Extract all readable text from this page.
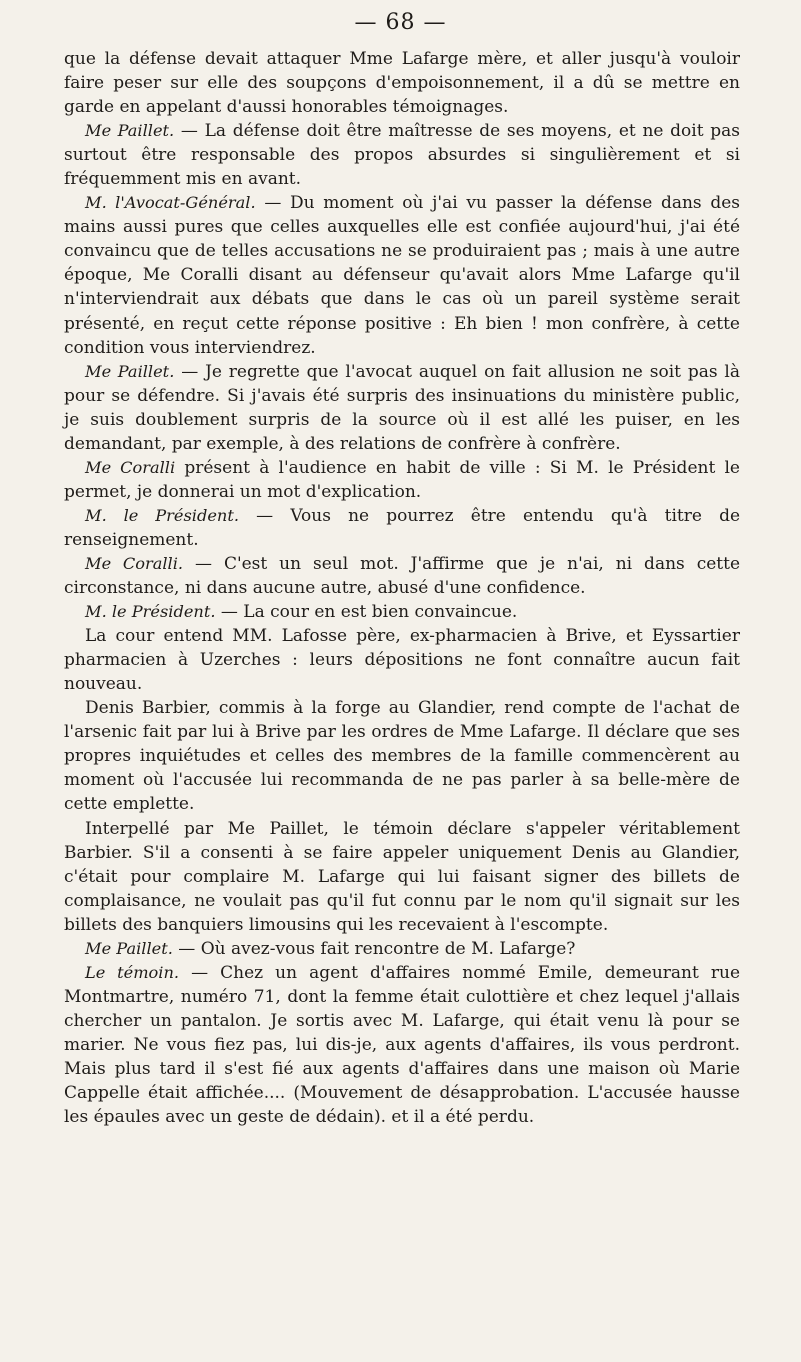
— 68 —

que la défense devait attaquer Mme Lafarge mère, et aller jusqu'à vouloir faire peser sur elle des soupçons d'empoisonnement, il a dû se mettre en garde en appelant d'aussi honorables témoignages.

Me Paillet. — La défense doit être maîtresse de ses moyens, et ne doit pas surtout être responsable des propos absurdes si singulièrement et si fréquemment mis en avant.

M. l'Avocat-Général. — Du moment où j'ai vu passer la défense dans des mains aussi pures que celles auxquelles elle est confiée aujourd'hui, j'ai été convaincu que de telles accusations ne se produiraient pas ; mais à une autre époque, Me Coralli disant au défenseur qu'avait alors Mme Lafarge qu'il n'interviendrait aux débats que dans le cas où un pareil système serait présenté, en reçut cette réponse positive : Eh bien ! mon confrère, à cette condition vous interviendrez.

Me Paillet. — Je regrette que l'avocat auquel on fait allusion ne soit pas là pour se défendre. Si j'avais été surpris des insinuations du ministère public, je suis doublement surpris de la source où il est allé les puiser, en les demandant, par exemple, à des relations de confrère à confrère.

Me Coralli présent à l'audience en habit de ville : Si M. le Président le permet, je donnerai un mot d'explication.

M. le Président. — Vous ne pourrez être entendu qu'à titre de renseignement.

Me Coralli. — C'est un seul mot. J'affirme que je n'ai, ni dans cette circonstance, ni dans aucune autre, abusé d'une confidence.

M. le Président. — La cour en est bien convaincue.

La cour entend MM. Lafosse père, ex-pharmacien à Brive, et Eyssartier pharmacien à Uzerches : leurs dépositions ne font connaître aucun fait nouveau.

Denis Barbier, commis à la forge au Glandier, rend compte de l'achat de l'arsenic fait par lui à Brive par les ordres de Mme Lafarge. Il déclare que ses propres inquiétudes et celles des membres de la famille commencèrent au moment où l'accusée lui recommanda de ne pas parler à sa belle-mère de cette emplette.

Interpellé par Me Paillet, le témoin déclare s'appeler véritablement Barbier. S'il a consenti à se faire appeler uniquement Denis au Glandier, c'était pour complaire M. Lafarge qui lui faisant signer des billets de complaisance, ne voulait pas qu'il fut connu par le nom qu'il signait sur les billets des banquiers limousins qui les recevaient à l'escompte.

Me Paillet. — Où avez-vous fait rencontre de M. Lafarge?

Le témoin. — Chez un agent d'affaires nommé Emile, demeurant rue Montmartre, numéro 71, dont la femme était culottière et chez lequel j'allais chercher un pantalon. Je sortis avec M. Lafarge, qui était venu là pour se marier. Ne vous fiez pas, lui dis-je, aux agents d'affaires, ils vous perdront. Mais plus tard il s'est fié aux agents d'affaires dans une maison où Marie Cappelle était affichée.... (Mouvement de désapprobation. L'accusée hausse les épaules avec un geste de dédain). et il a été perdu.
